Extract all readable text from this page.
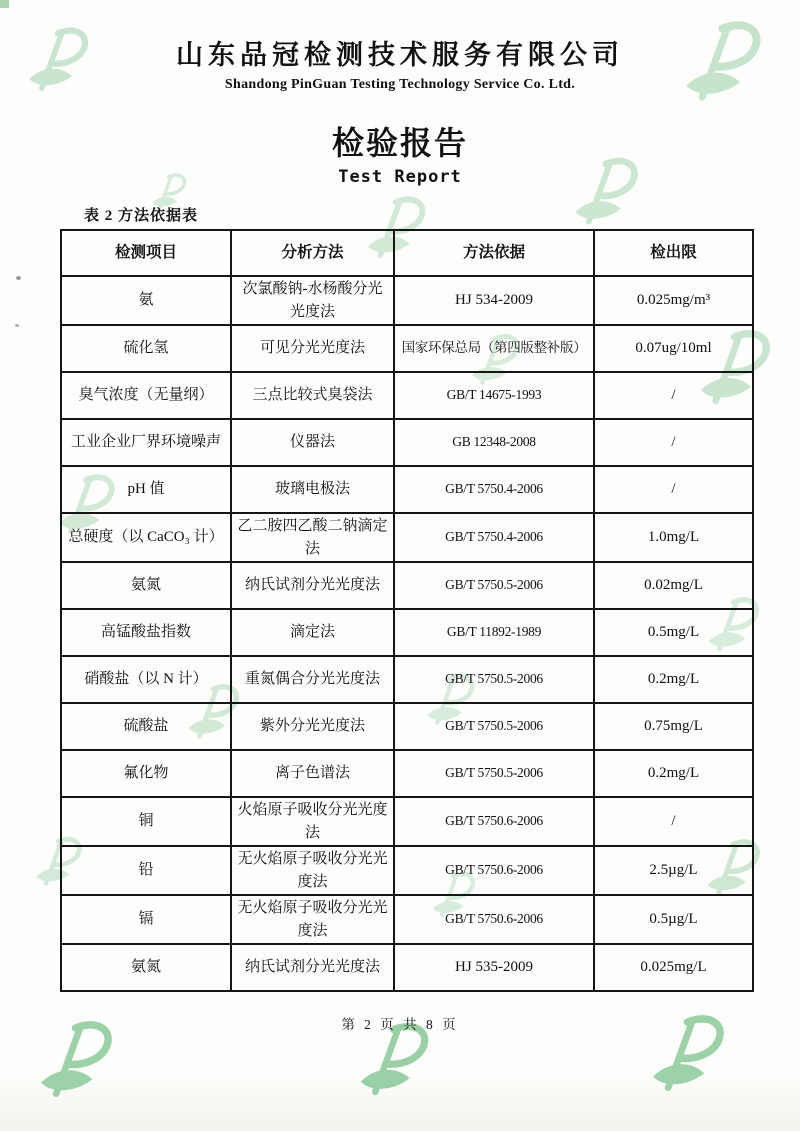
山东品冠检测技术服务有限公司
Shandong PinGuan Testing Technology Service Co. Ltd.
检验报告
Test Report
表 2 方法依据表
检测项目	分析方法	方法依据	检出限
氨	次氯酸钠-水杨酸分光光度法	HJ 534-2009	0.025mg/m³
硫化氢	可见分光光度法	国家环保总局（第四版整补版）	0.07ug/10ml
臭气浓度（无量纲）	三点比较式臭袋法	GB/T 14675-1993	/
工业企业厂界环境噪声	仪器法	GB 12348-2008	/
pH 值	玻璃电极法	GB/T 5750.4-2006	/
总硬度（以 CaCO₃ 计）	乙二胺四乙酸二钠滴定法	GB/T 5750.4-2006	1.0mg/L
氨氮	纳氏试剂分光光度法	GB/T 5750.5-2006	0.02mg/L
高锰酸盐指数	滴定法	GB/T 11892-1989	0.5mg/L
硝酸盐（以 N 计）	重氮偶合分光光度法	GB/T 5750.5-2006	0.2mg/L
硫酸盐	紫外分光光度法	GB/T 5750.5-2006	0.75mg/L
氟化物	离子色谱法	GB/T 5750.5-2006	0.2mg/L
铜	火焰原子吸收分光光度法	GB/T 5750.6-2006	/
铅	无火焰原子吸收分光光度法	GB/T 5750.6-2006	2.5µg/L
镉	无火焰原子吸收分光光度法	GB/T 5750.6-2006	0.5µg/L
氨氮	纳氏试剂分光光度法	HJ 535-2009	0.025mg/L
第 2 页 共 8 页
